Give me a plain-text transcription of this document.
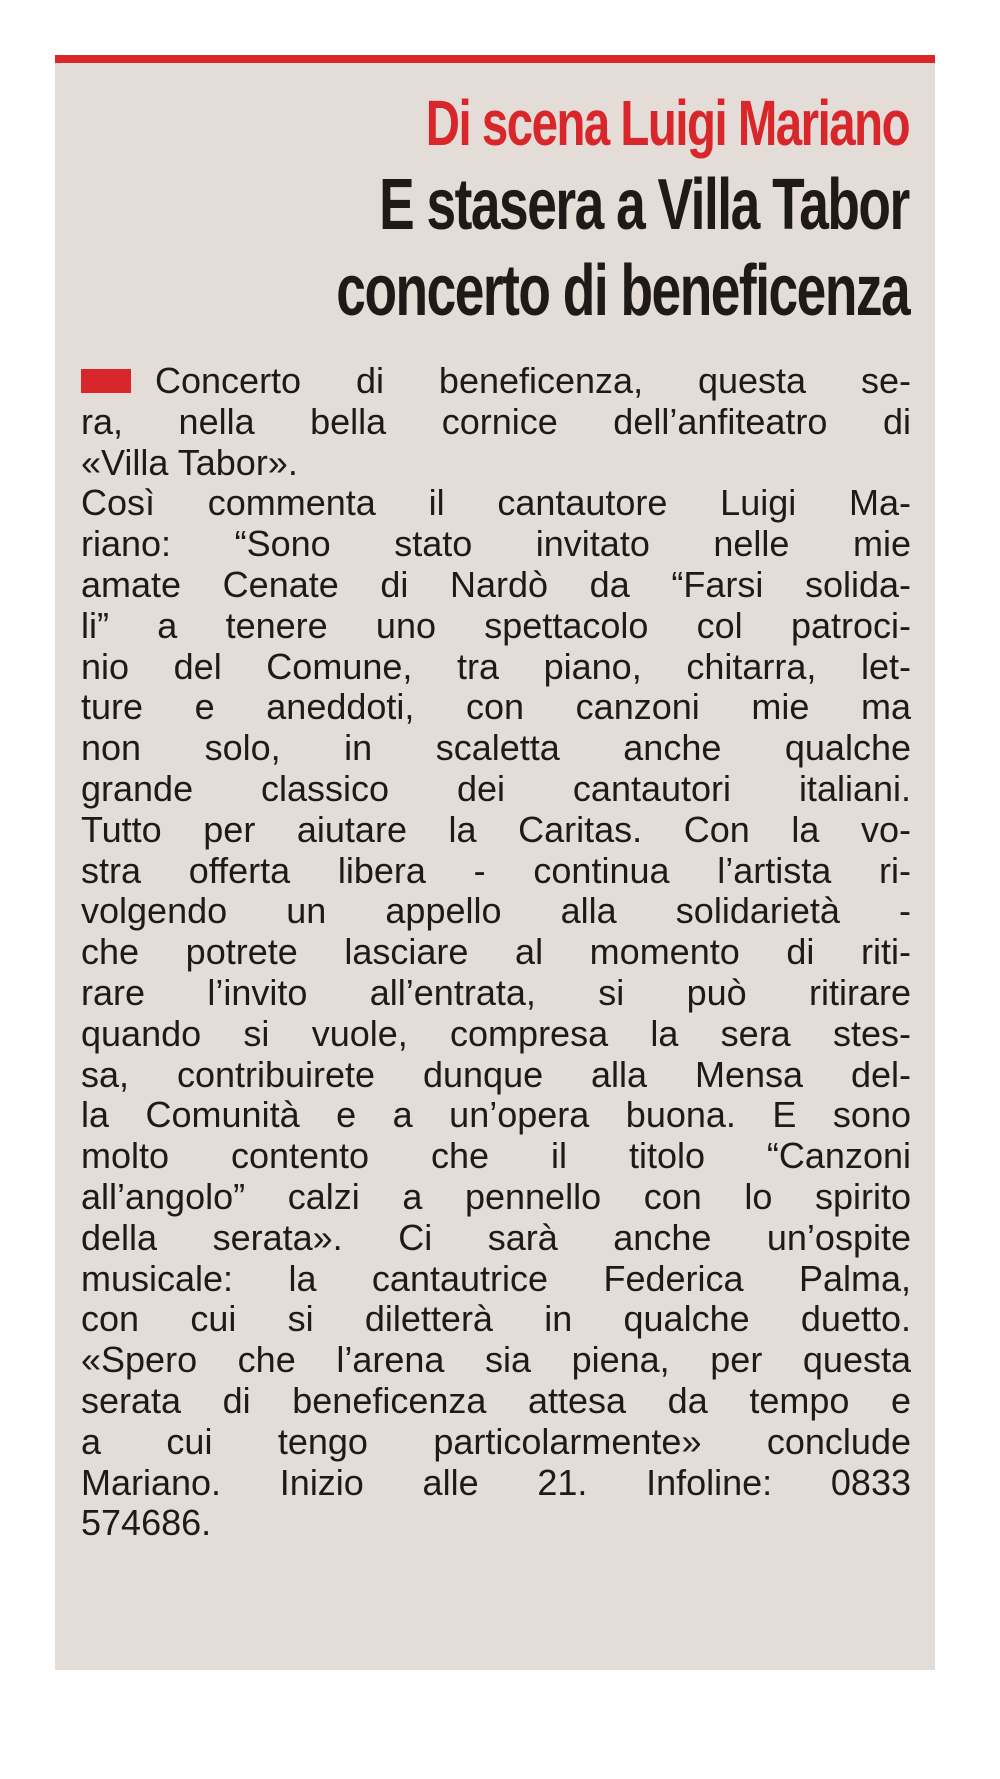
Di scena Luigi Mariano
E stasera a Villa Tabor
concerto di beneficenza
Concerto di beneficenza, questa se-
ra, nella bella cornice dell’anfiteatro di
«Villa Tabor».
Così commenta il cantautore Luigi Ma-
riano: “Sono stato invitato nelle mie
amate Cenate di Nardò da “Farsi solida-
li” a tenere uno spettacolo col patroci-
nio del Comune, tra piano, chitarra, let-
ture e aneddoti, con canzoni mie ma
non solo, in scaletta anche qualche
grande classico dei cantautori italiani.
Tutto per aiutare la Caritas. Con la vo-
stra offerta libera - continua l’artista ri-
volgendo un appello alla solidarietà -
che potrete lasciare al momento di riti-
rare l’invito all’entrata, si può ritirare
quando si vuole, compresa la sera stes-
sa, contribuirete dunque alla Mensa del-
la Comunità e a un’opera buona. E sono
molto contento che il titolo “Canzoni
all’angolo” calzi a pennello con lo spirito
della serata». Ci sarà anche un’ospite
musicale: la cantautrice Federica Palma,
con cui si diletterà in qualche duetto.
«Spero che l’arena sia piena, per questa
serata di beneficenza attesa da tempo e
a cui tengo particolarmente» conclude
Mariano. Inizio alle 21. Infoline: 0833
574686.
